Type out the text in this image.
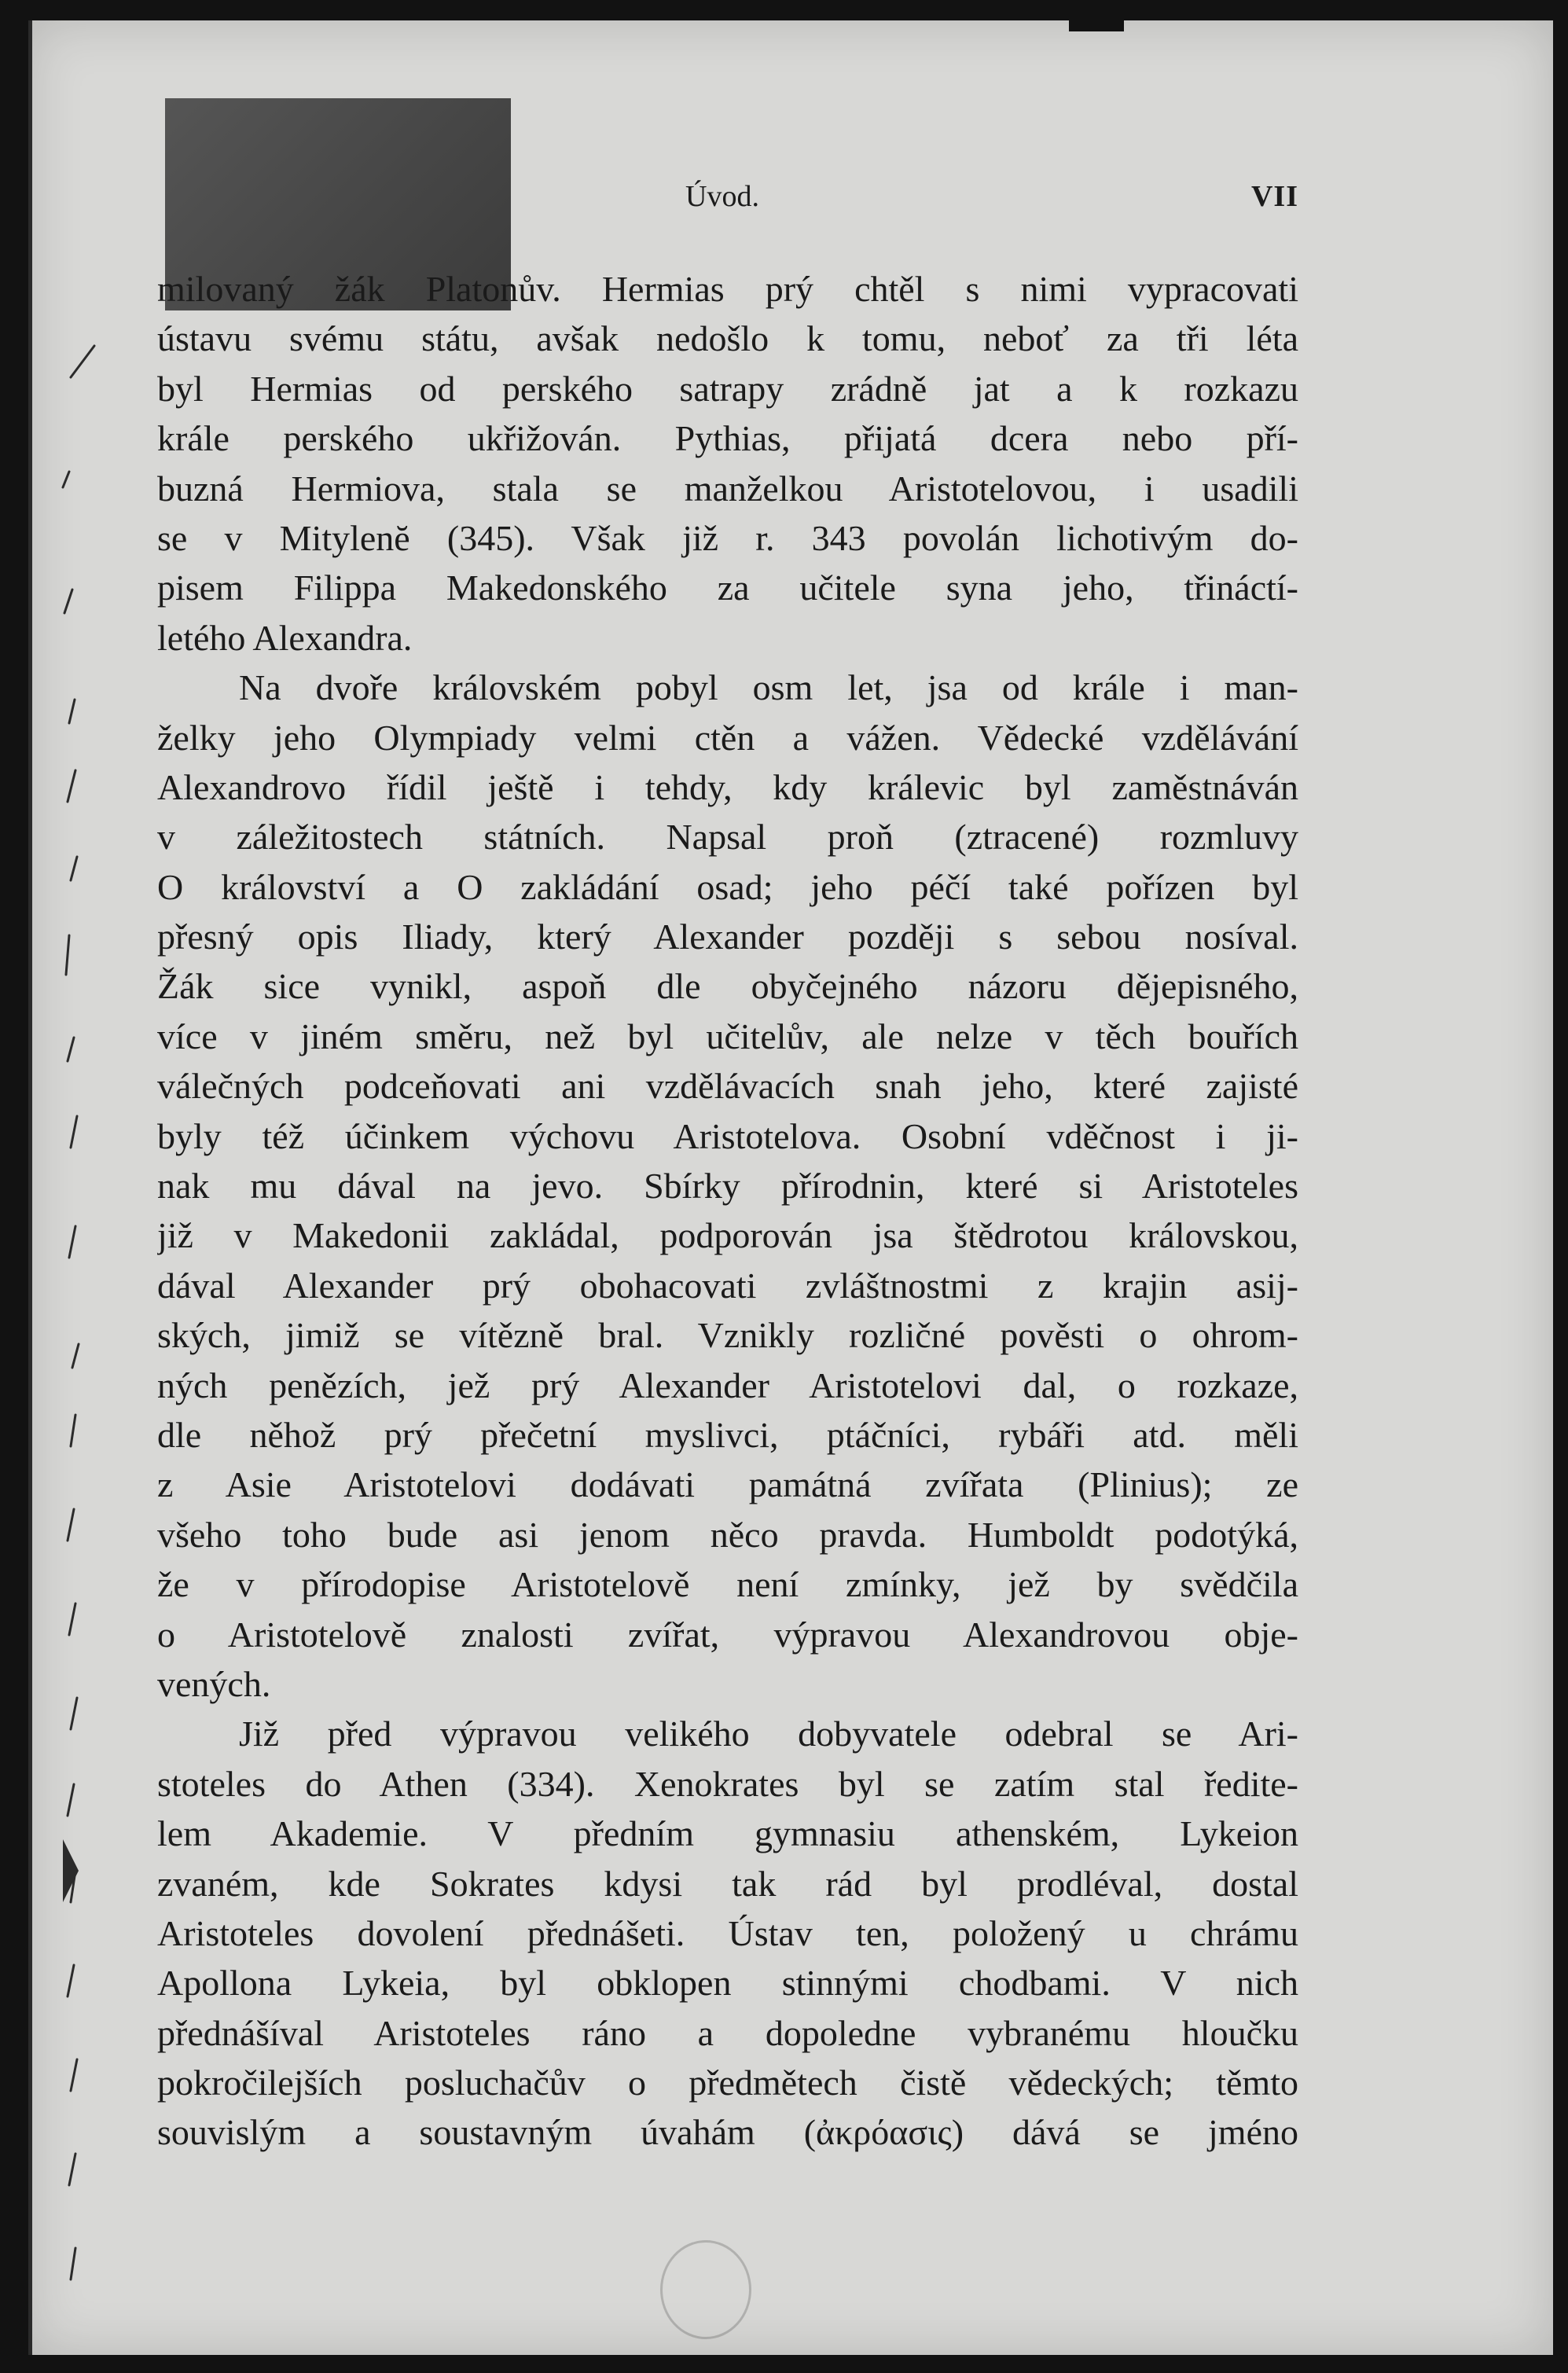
Úvod.	VII
milovaný žák Platonův. Hermias prý chtěl s nimi vypracovati
ústavu svému státu, avšak nedošlo k tomu, neboť za tři léta
byl Hermias od perského satrapy zrádně jat a k rozkazu
krále perského ukřižován. Pythias, přijatá dcera nebo pří-
buzná Hermiova, stala se manželkou Aristotelovou, i usadili
se v Mitylenĕ (345). Však již r. 343 povolán lichotivým do-
pisem Filippa Makedonského za učitele syna jeho, třináctí-
letého Alexandra.
Na dvoře královském pobyl osm let, jsa od krále i man-
želky jeho Olympiady velmi ctěn a vážen. Vědecké vzdělávání
Alexandrovo řídil ještě i tehdy, kdy králevic byl zaměstnáván
v záležitostech státních. Napsal proň (ztracené) rozmluvy
O království a O zakládání osad; jeho péčí také pořízen byl
přesný opis Iliady, který Alexander později s sebou nosíval.
Žák sice vynikl, aspoň dle obyčejného názoru dějepisného,
více v jiném směru, než byl učitelův, ale nelze v těch bouřích
válečných podceňovati ani vzdělávacích snah jeho, které zajisté
byly též účinkem výchovu Aristotelova. Osobní vděčnost i ji-
nak mu dával na jevo. Sbírky přírodnin, které si Aristoteles
již v Makedonii zakládal, podporován jsa štědrotou královskou,
dával Alexander prý obohacovati zvláštnostmi z krajin asij-
ských, jimiž se vítězně bral. Vznikly rozličné pověsti o ohrom-
ných penězích, jež prý Alexander Aristotelovi dal, o rozkaze,
dle něhož prý přečetní myslivci, ptáčníci, rybáři atd. měli
z Asie Aristotelovi dodávati památná zvířata (Plinius); ze
všeho toho bude asi jenom něco pravda. Humboldt podotýká,
že v přírodopise Aristotelově není zmínky, jež by svědčila
o Aristotelově znalosti zvířat, výpravou Alexandrovou obje-
vených.
Již před výpravou velikého dobyvatele odebral se Ari-
stoteles do Athen (334). Xenokrates byl se zatím stal ředite-
lem Akademie. V předním gymnasiu athenském, Lykeion
zvaném, kde Sokrates kdysi tak rád byl prodléval, dostal
Aristoteles dovolení přednášeti. Ústav ten, položený u chrámu
Apollona Lykeia, byl obklopen stinnými chodbami. V nich
přednášíval Aristoteles ráno a dopoledne vybranému hloučku
pokročilejších posluchačův o předmětech čistě vědeckých; těmto
souvislým a soustavným úvahám (ἀκρόασις) dává se jméno
